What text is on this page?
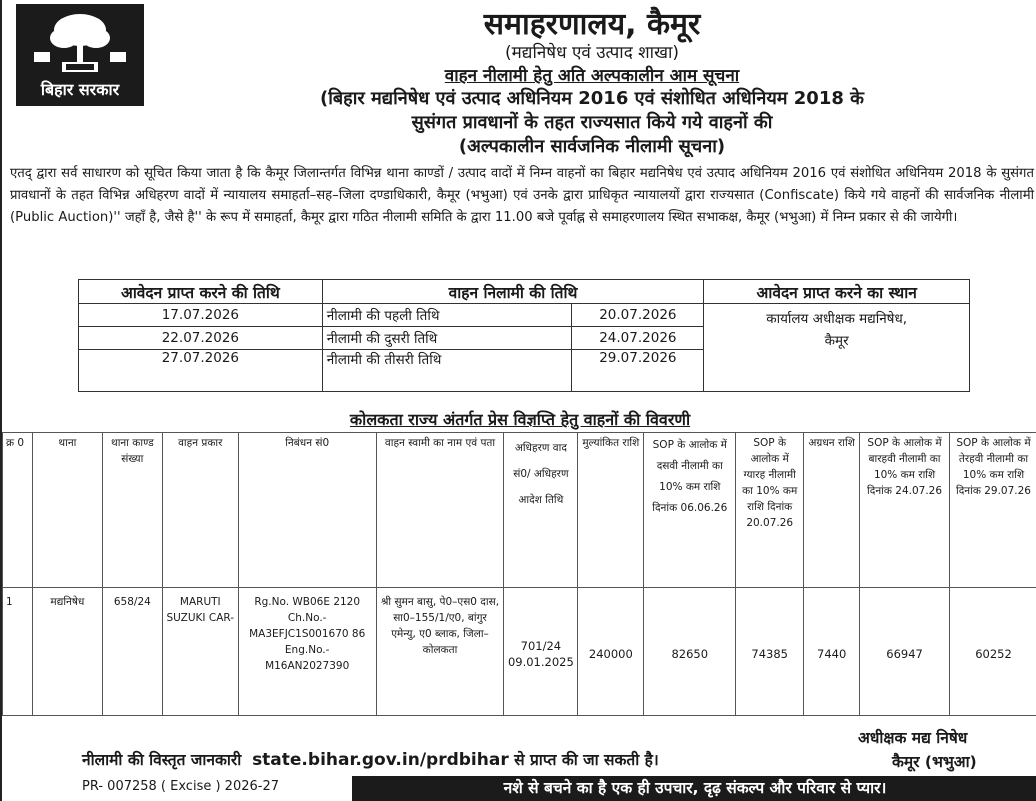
बिहार सरकार
समाहरणालय, कैमूर
(मद्यनिषेध एवं उत्पाद शाखा)
वाहन नीलामी हेतु अति अल्पकालीन आम सूचना
(बिहार मद्यनिषेध एवं उत्पाद अधिनियम 2016 एवं संशोधित अधिनियम 2018 के
सुसंगत प्रावधानों के तहत राज्यसात किये गये वाहनों की
(अल्पकालीन सार्वजनिक नीलामी सूचना)

एतद् द्वारा सर्व साधारण को सूचित किया जाता है कि कैमूर जिलान्तर्गत विभिन्न थाना काण्डों / उत्पाद वादों में निम्न वाहनों का बिहार मद्यनिषेध एवं उत्पाद अधिनियम 2016 एवं संशोधित अधिनियम 2018 के सुसंगत प्रावधानों के तहत विभिन्न अधिहरण वादों में न्यायालय समाहर्ता–सह–जिला दण्डाधिकारी, कैमूर (भभुआ) एवं उनके द्वारा प्राधिकृत न्यायालयों द्वारा राज्यसात (Confiscate) किये गये वाहनों की सार्वजनिक नीलामी (Public Auction)'' जहाँ है, जैसे है'' के रूप में समाहर्ता, कैमूर द्वारा गठित नीलामी समिति के द्वारा 11.00 बजे पूर्वाह्न से समाहरणालय स्थित सभाकक्ष, कैमूर (भभुआ) में निम्न प्रकार से की जायेगी।

आवेदन प्राप्त करने की तिथि	वाहन निलामी की तिथि		आवेदन प्राप्त करने का स्थान
17.07.2026	नीलामी की पहली तिथि	20.07.2026	कार्यालय अधीक्षक मद्यनिषेध,
कैमूर

22.07.2026	नीलामी की दुसरी तिथि	24.07.2026	
27.07.2026	नीलामी की तीसरी तिथि	29.07.2026	
कोलकता राज्य अंतर्गत प्रेस विज्ञप्ति हेतु वाहनों की विवरणी
क्र 0	थाना	थाना काण्ड संख्या	वाहन प्रकार	निबंधन सं0	वाहन स्वामी का नाम एवं पता	अधिहरण वाद सं0/ अधिहरण आदेश तिथि	मुल्यांकित राशि	SOP के आलोक में दसवी नीलामी का 10% कम राशि दिनांक 06.06.26	SOP के आलोक में ग्यारह नीलामी का 10% कम राशि दिनांक 20.07.26	अग्रधन राशि	SOP के आलोक में बारहवी नीलामी का 10% कम राशि दिनांक 24.07.26	SOP के आलोक में तेरहवी नीलामी का 10% कम राशि दिनांक 29.07.26
1	मद्यनिषेध	658/24	MARUTI SUZUKI CAR-	Rg.No. WB06E 2120 Ch.No.- MA3EFJC1S001670 86 Eng.No.- M16AN2027390	श्री सुमन बासु, पे0–एस0 दास, सा0–155/1/ए0, बांगुर एमेन्यु, ए0 ब्लाक, जिला–कोलकता	701/24 09.01.2025	240000	82650	74385	7440	66947	60252
अधीक्षक मद्य निषेध
कैमूर (भभुआ)
नीलामी की विस्तृत जानकारी state.bihar.gov.in/prdbihar से प्राप्त की जा सकती है।
PR- 007258 ( Excise ) 2026-27	नशे से बचने का है एक ही उपचार, दृढ़ संकल्प और परिवार से प्यार।
